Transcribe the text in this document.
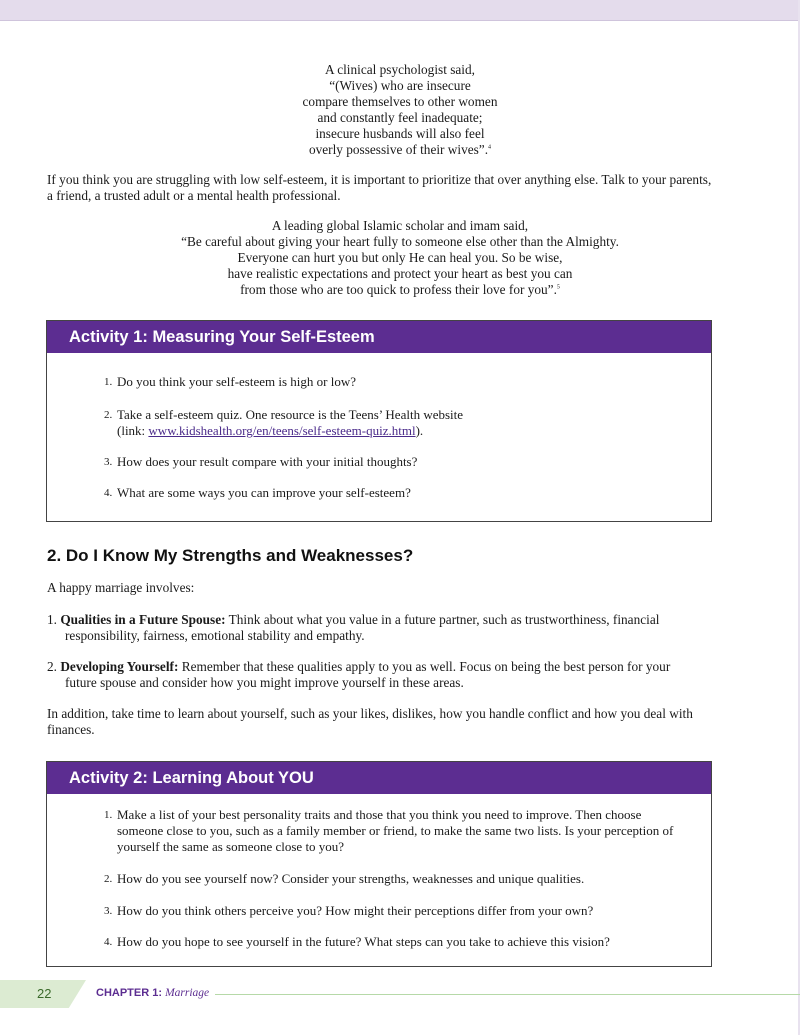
A clinical psychologist said,
“(Wives) who are insecure
compare themselves to other women
and constantly feel inadequate;
insecure husbands will also feel
overly possessive of their wives”.$^4$
If you think you are struggling with low self-esteem, it is important to prioritize that over anything else. Talk to your parents, a friend, a trusted adult or a mental health professional.
A leading global Islamic scholar and imam said,
“Be careful about giving your heart fully to someone else other than the Almighty.
Everyone can hurt you but only He can heal you. So be wise,
have realistic expectations and protect your heart as best you can
from those who are too quick to profess their love for you”.$^5$
Activity 1: Measuring Your Self-Esteem
1. Do you think your self-esteem is high or low?
2. Take a self-esteem quiz. One resource is the Teens’ Health website
(link: www.kidshealth.org/en/teens/self-esteem-quiz.html).
3. How does your result compare with your initial thoughts?
4. What are some ways you can improve your self-esteem?
2. Do I Know My Strengths and Weaknesses?
A happy marriage involves:
1. Qualities in a Future Spouse: Think about what you value in a future partner, such as trustworthiness, financial
responsibility, fairness, emotional stability and empathy.
2. Developing Yourself: Remember that these qualities apply to you as well. Focus on being the best person for your
future spouse and consider how you might improve yourself in these areas.
In addition, take time to learn about yourself, such as your likes, dislikes, how you handle conflict and how you deal with finances.
Activity 2: Learning About YOU
1. Make a list of your best personality traits and those that you think you need to improve. Then choose someone close to you, such as a family member or friend, to make the same two lists. Is your perception of yourself the same as someone close to you?
2. How do you see yourself now? Consider your strengths, weaknesses and unique qualities.
3. How do you think others perceive you? How might their perceptions differ from your own?
4. How do you hope to see yourself in the future? What steps can you take to achieve this vision?
22	CHAPTER 1: Marriage
